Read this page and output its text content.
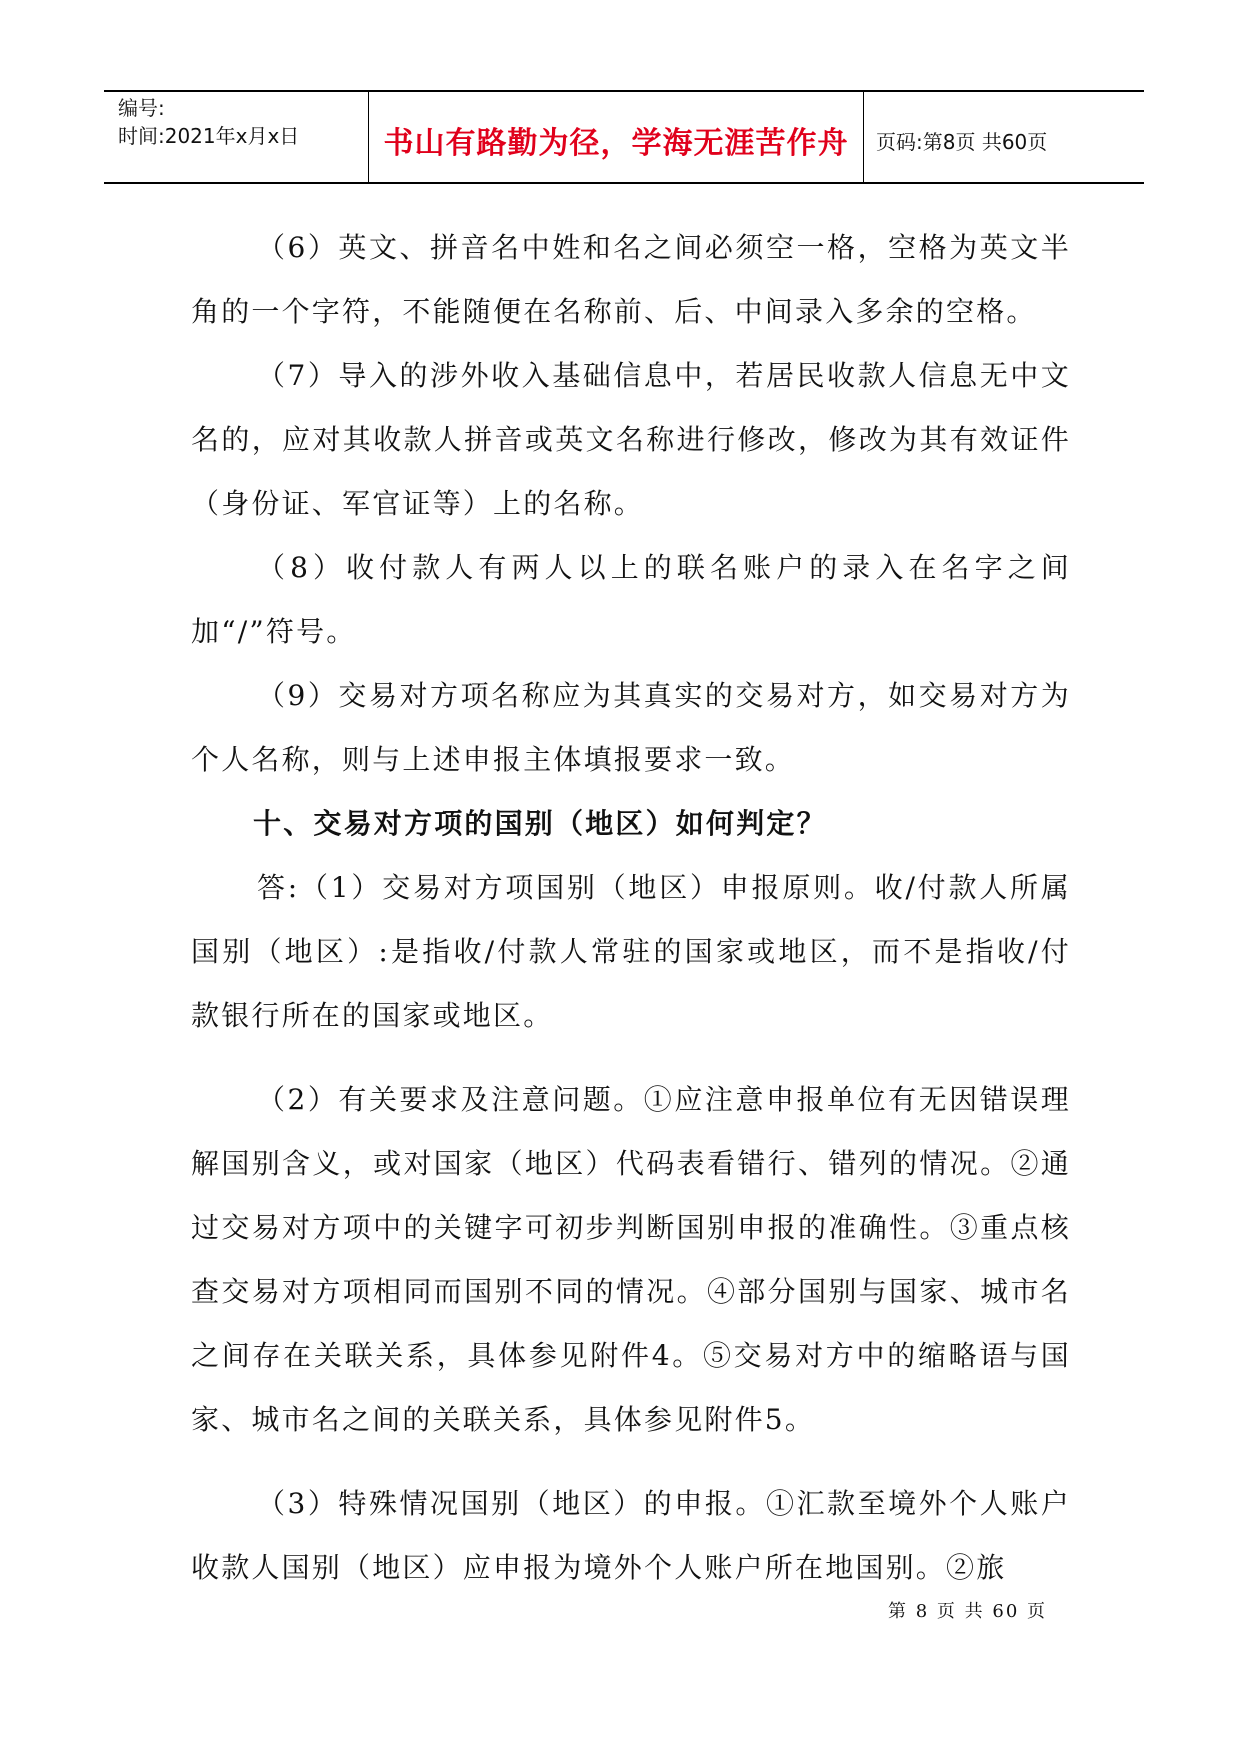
编号:
时间:2021年x月x日	书山有路勤为径，学海无涯苦作舟 页码:第8页 共60页

（6）英文、拼音名中姓和名之间必须空一格，空格为英文半角的一个字符，不能随便在名称前、后、中间录入多余的空格。

（7）导入的涉外收入基础信息中，若居民收款人信息无中文名的，应对其收款人拼音或英文名称进行修改，修改为其有效证件（身份证、军官证等）上的名称。

（8）收付款人有两人以上的联名账户的录入在名字之间加“/”符号。

（9）交易对方项名称应为其真实的交易对方，如交易对方为个人名称，则与上述申报主体填报要求一致。

十、交易对方项的国别（地区）如何判定？

答:（1）交易对方项国别（地区）申报原则。收/付款人所属国别（地区）:是指收/付款人常驻的国家或地区，而不是指收/付款银行所在的国家或地区。

（2）有关要求及注意问题。①应注意申报单位有无因错误理解国别含义，或对国家（地区）代码表看错行、错列的情况。②通过交易对方项中的关键字可初步判断国别申报的准确性。③重点核查交易对方项相同而国别不同的情况。④部分国别与国家、城市名之间存在关联关系，具体参见附件4。⑤交易对方中的缩略语与国家、城市名之间的关联关系，具体参见附件5。

（3）特殊情况国别（地区）的申报。①汇款至境外个人账户收款人国别（地区）应申报为境外个人账户所在地国别。②旅

第 8 页 共 60 页
